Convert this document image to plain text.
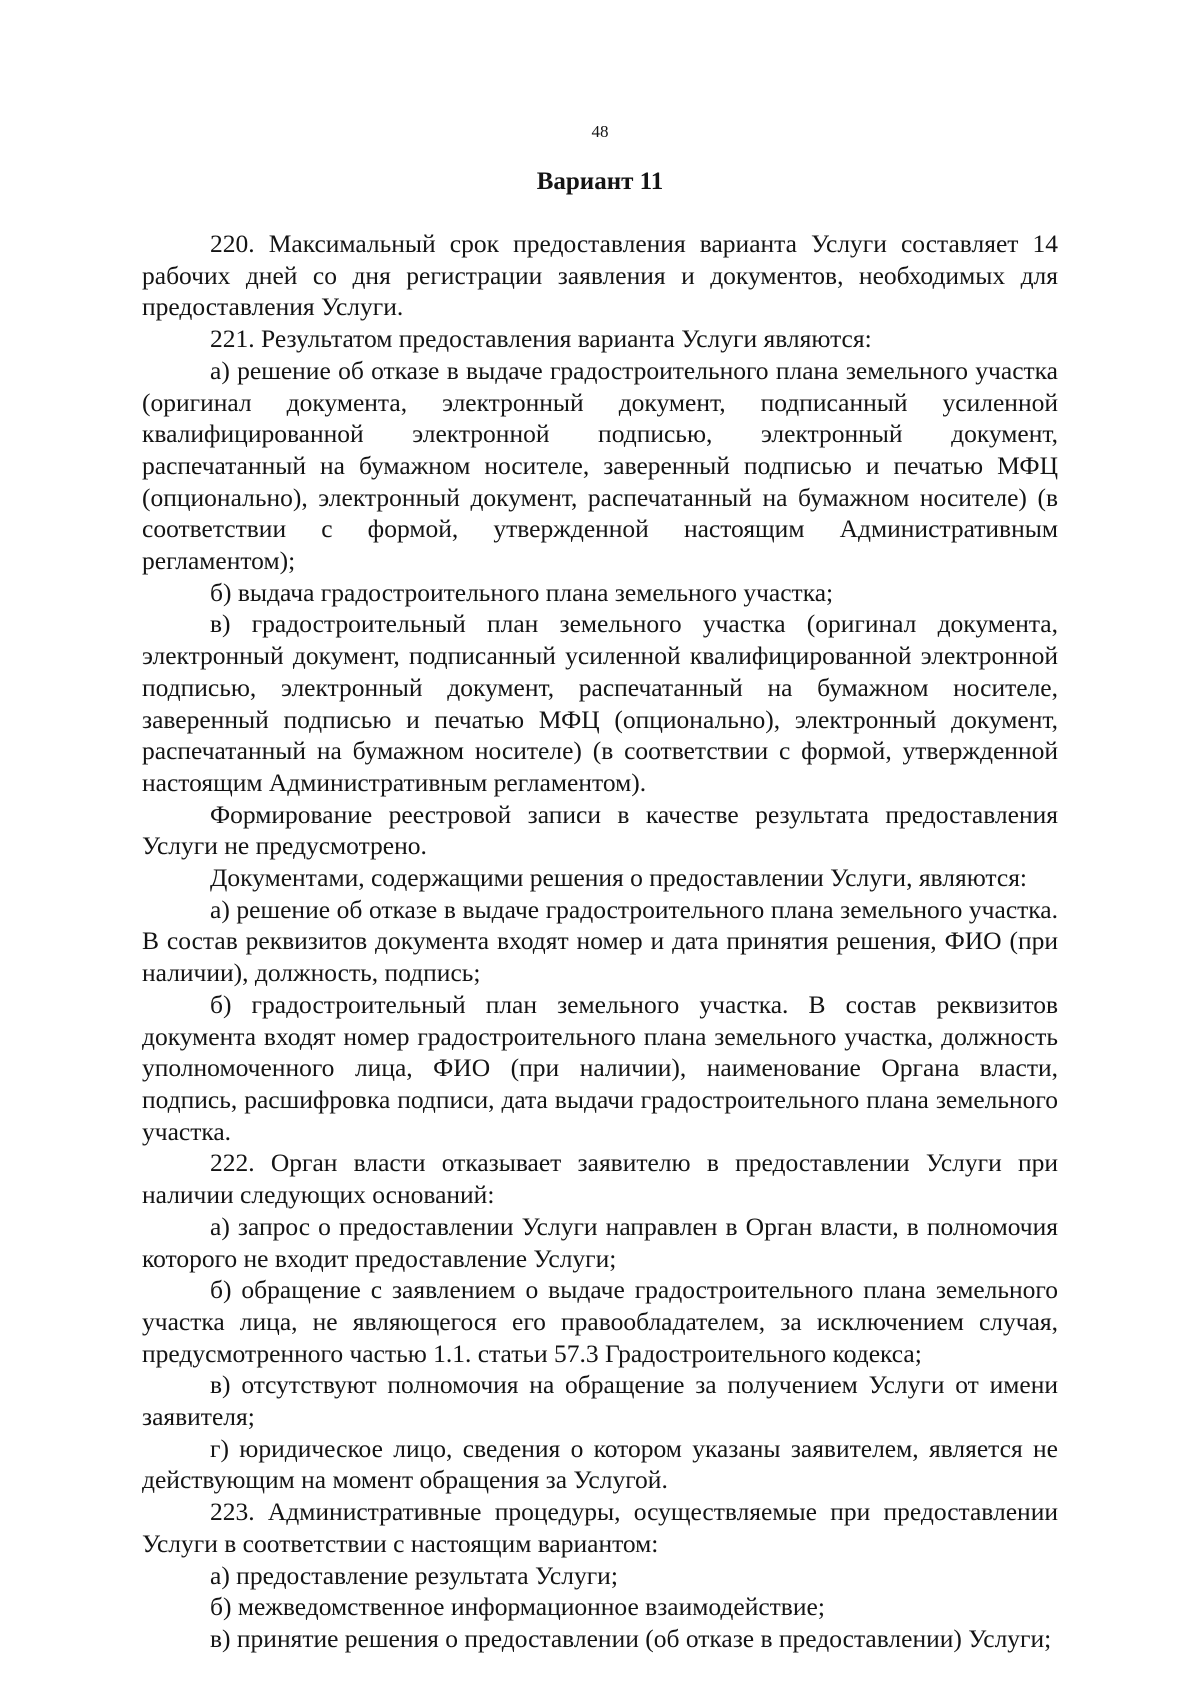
48
Вариант 11

220. Максимальный срок предоставления варианта Услуги составляет 14 рабочих дней со дня регистрации заявления и документов, необходимых для предоставления Услуги.

221. Результатом предоставления варианта Услуги являются:

а) решение об отказе в выдаче градостроительного плана земельного участка (оригинал документа, электронный документ, подписанный усиленной квалифицированной электронной подписью, электронный документ, распечатанный на бумажном носителе, заверенный подписью и печатью МФЦ (опционально), электронный документ, распечатанный на бумажном носителе) (в соответствии с формой, утвержденной настоящим Административным регламентом);

б) выдача градостроительного плана земельного участка;

в) градостроительный план земельного участка (оригинал документа, электронный документ, подписанный усиленной квалифицированной электронной подписью, электронный документ, распечатанный на бумажном носителе, заверенный подписью и печатью МФЦ (опционально), электронный документ, распечатанный на бумажном носителе) (в соответствии с формой, утвержденной настоящим Административным регламентом).

Формирование реестровой записи в качестве результата предоставления Услуги не предусмотрено.

Документами, содержащими решения о предоставлении Услуги, являются:

а) решение об отказе в выдаче градостроительного плана земельного участка. В состав реквизитов документа входят номер и дата принятия решения, ФИО (при наличии), должность, подпись;

б) градостроительный план земельного участка. В состав реквизитов документа входят номер градостроительного плана земельного участка, должность уполномоченного лица, ФИО (при наличии), наименование Органа власти, подпись, расшифровка подписи, дата выдачи градостроительного плана земельного участка.

222. Орган власти отказывает заявителю в предоставлении Услуги при наличии следующих оснований:

а) запрос о предоставлении Услуги направлен в Орган власти, в полномочия которого не входит предоставление Услуги;

б) обращение с заявлением о выдаче градостроительного плана земельного участка лица, не являющегося его правообладателем, за исключением случая, предусмотренного частью 1.1. статьи 57.3 Градостроительного кодекса;

в) отсутствуют полномочия на обращение за получением Услуги от имени заявителя;

г) юридическое лицо, сведения о котором указаны заявителем, является не действующим на момент обращения за Услугой.

223. Административные процедуры, осуществляемые при предоставлении Услуги в соответствии с настоящим вариантом:

а) предоставление результата Услуги;

б) межведомственное информационное взаимодействие;

в) принятие решения о предоставлении (об отказе в предоставлении) Услуги;
